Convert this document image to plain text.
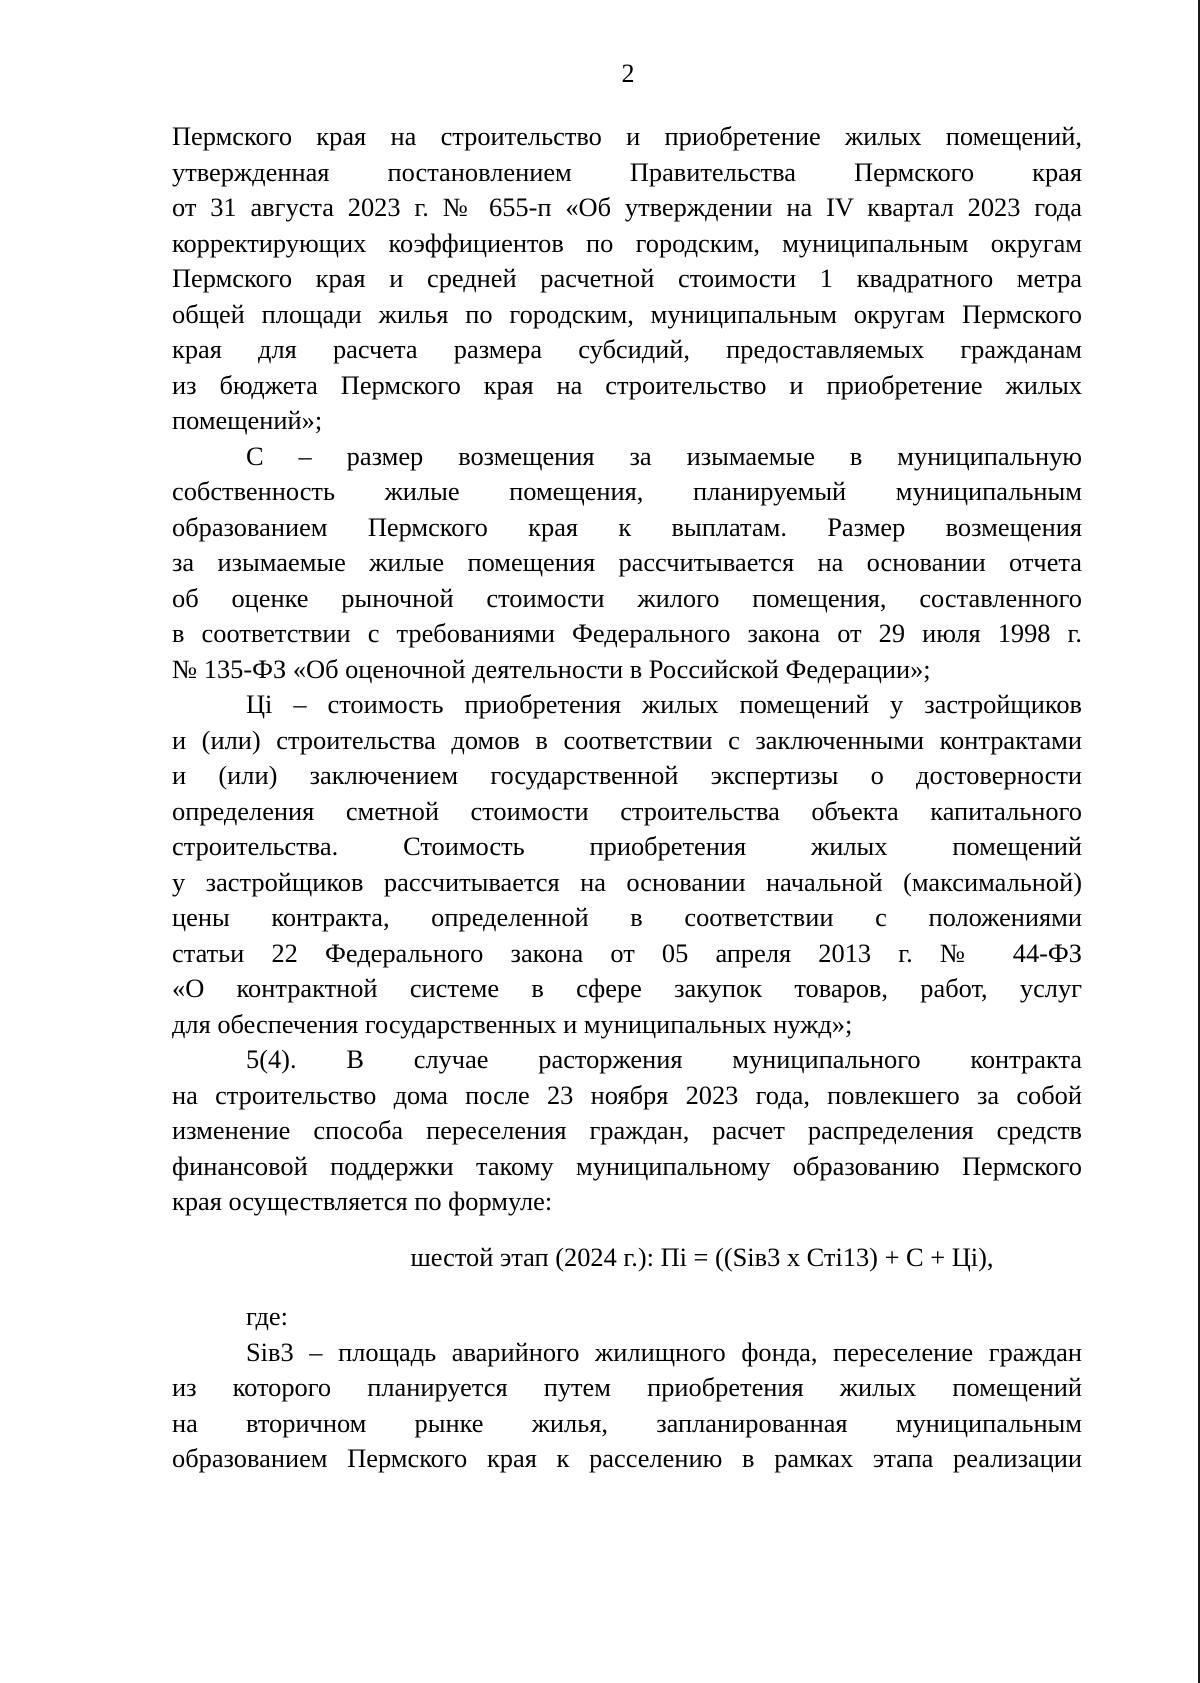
2

Пермского края на строительство и приобретение жилых помещений,
утвержденная постановлением Правительства Пермского края
от 31 августа 2023 г. № 655-п «Об утверждении на IV квартал 2023 года
корректирующих коэффициентов по городским, муниципальным округам
Пермского края и средней расчетной стоимости 1 квадратного метра
общей площади жилья по городским, муниципальным округам Пермского
края для расчета размера субсидий, предоставляемых гражданам
из бюджета Пермского края на строительство и приобретение жилых
помещений»;

С – размер возмещения за изымаемые в муниципальную
собственность жилые помещения, планируемый муниципальным
образованием Пермского края к выплатам. Размер возмещения
за изымаемые жилые помещения рассчитывается на основании отчета
об оценке рыночной стоимости жилого помещения, составленного
в соответствии с требованиями Федерального закона от 29 июля 1998 г.
№ 135-ФЗ «Об оценочной деятельности в Российской Федерации»;

Цi – стоимость приобретения жилых помещений у застройщиков
и (или) строительства домов в соответствии с заключенными контрактами
и (или) заключением государственной экспертизы о достоверности
определения сметной стоимости строительства объекта капитального
строительства. Стоимость приобретения жилых помещений
у застройщиков рассчитывается на основании начальной (максимальной)
цены контракта, определенной в соответствии с положениями
статьи 22 Федерального закона от 05 апреля 2013 г. № 44-ФЗ
«О контрактной системе в сфере закупок товаров, работ, услуг
для обеспечения государственных и муниципальных нужд»;

5(4). В случае расторжения муниципального контракта
на строительство дома после 23 ноября 2023 года, повлекшего за собой
изменение способа переселения граждан, расчет распределения средств
финансовой поддержки такому муниципальному образованию Пермского
края осуществляется по формуле:

шестой этап (2024 г.): Пi = ((Siв3 х Стi13) + С + Цi),

где:

Siв3 – площадь аварийного жилищного фонда, переселение граждан
из которого планируется путем приобретения жилых помещений
на вторичном рынке жилья, запланированная муниципальным
образованием Пермского края к расселению в рамках этапа реализации
